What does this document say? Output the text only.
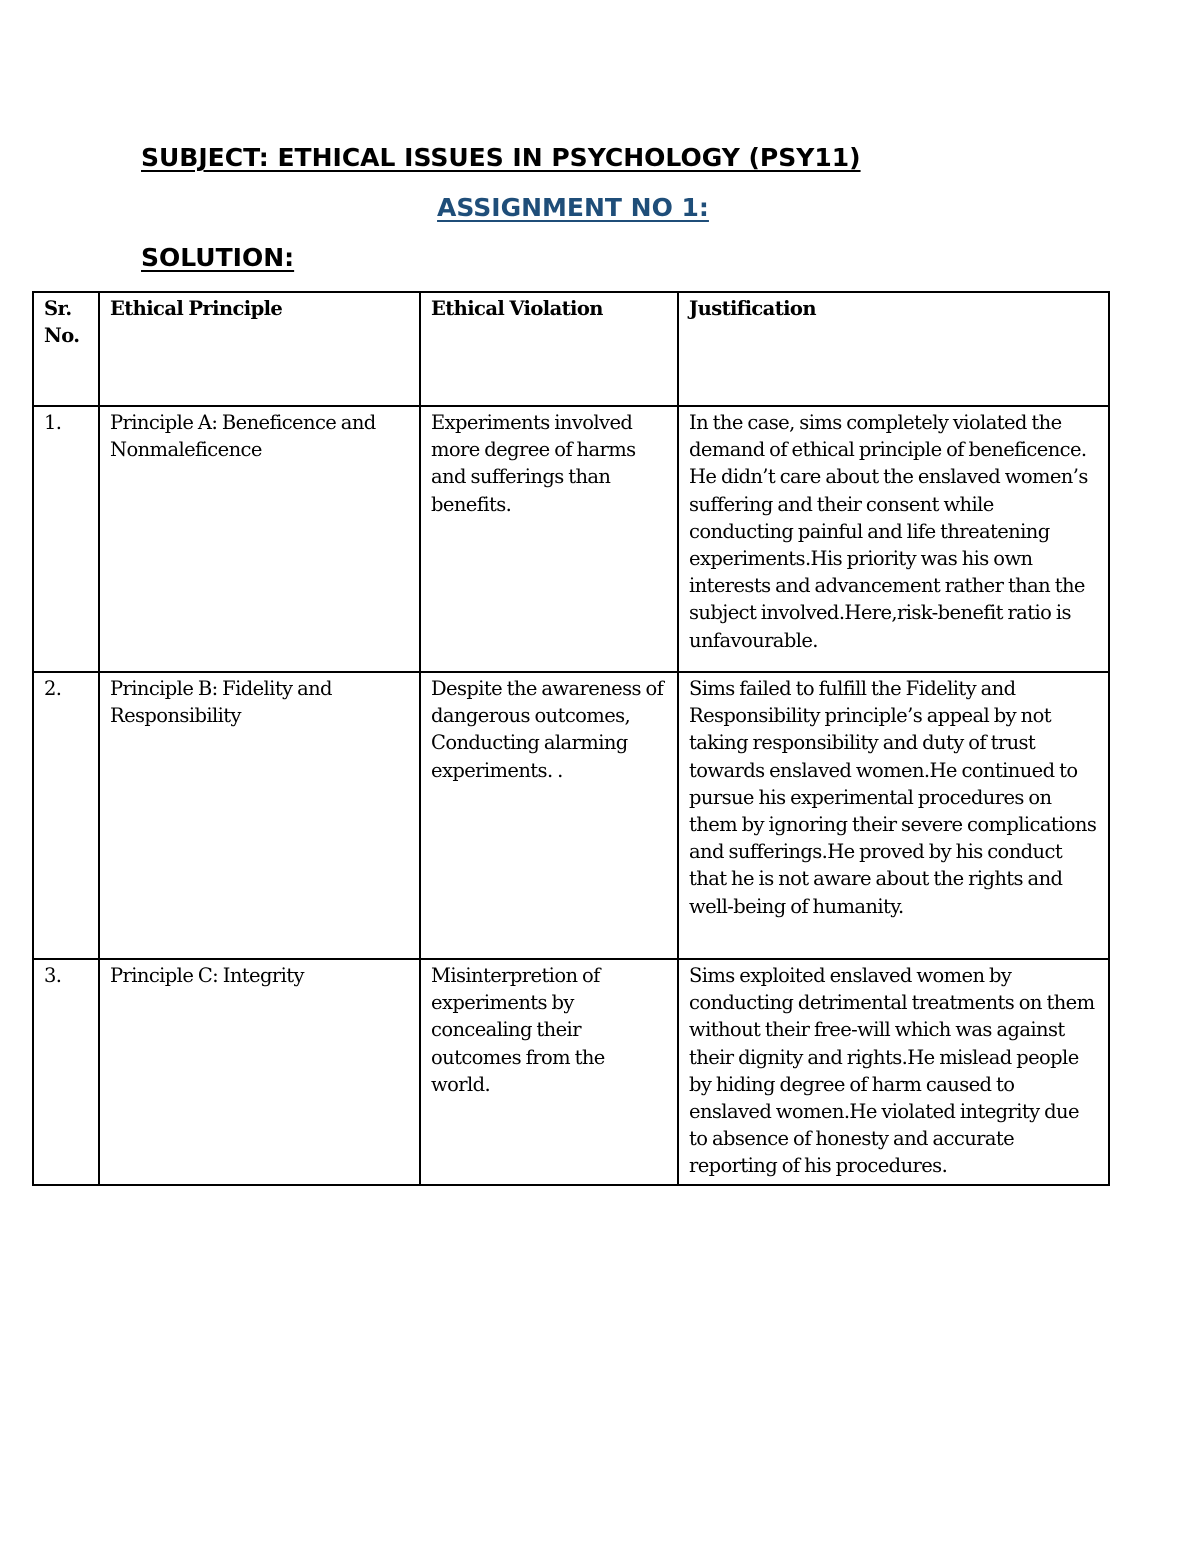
SUBJECT: ETHICAL ISSUES IN PSYCHOLOGY (PSY11)
ASSIGNMENT NO 1:
SOLUTION:
Sr. No.	Ethical Principle	Ethical Violation	Justification
1.	Principle A: Beneficence and Nonmaleficence	Experiments involved more degree of harms and sufferings than benefits.	In the case, sims completely violated the demand of ethical principle of beneficence. He didn’t care about the enslaved women’s suffering and their consent while conducting painful and life threatening experiments.His priority was his own interests and advancement rather than the subject involved.Here,risk-benefit ratio is unfavourable.
2.	Principle B: Fidelity and Responsibility	Despite the awareness of dangerous outcomes, Conducting alarming experiments. .	Sims failed to fulfill the Fidelity and Responsibility principle’s appeal by not taking responsibility and duty of trust towards enslaved women.He continued to pursue his experimental procedures on them by ignoring their severe complications and sufferings.He proved by his conduct that he is not aware about the rights and well-being of humanity.
3.	Principle C: Integrity	Misinterpretion of experiments by concealing their outcomes from the world.	Sims exploited enslaved women by conducting detrimental treatments on them without their free-will which was against their dignity and rights.He mislead people by hiding degree of harm caused to enslaved women.He violated integrity due to absence of honesty and accurate reporting of his procedures.
